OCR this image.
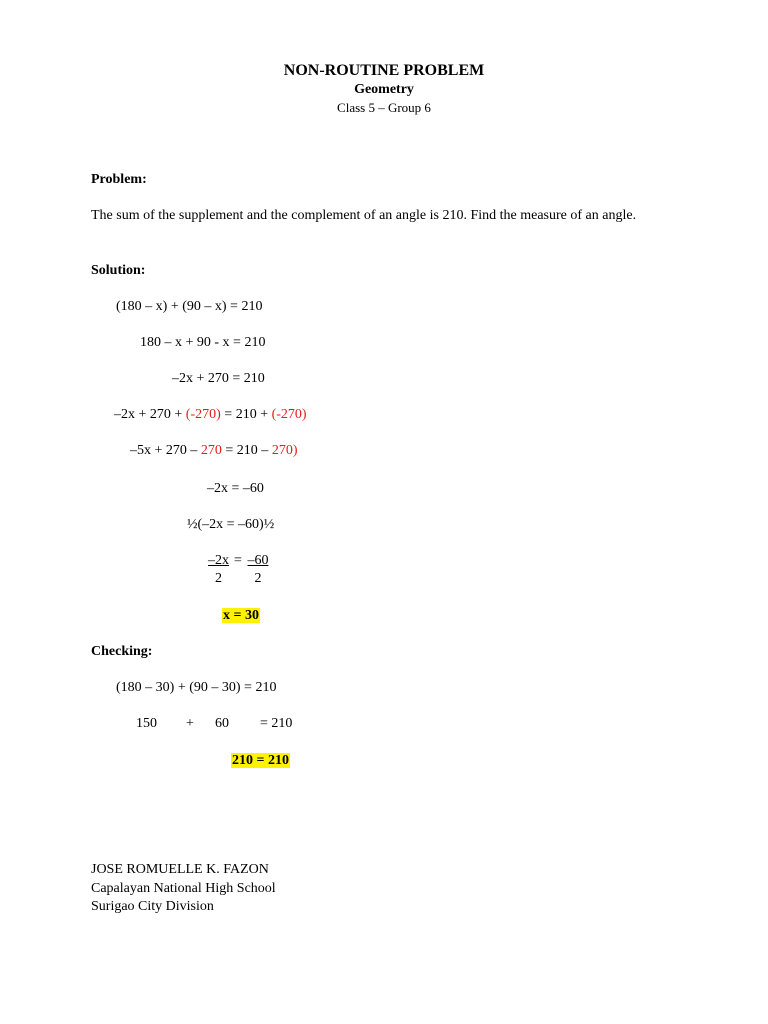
NON-ROUTINE PROBLEM
Geometry
Class 5 – Group 6
Problem:
The sum of the supplement and the complement of an angle is 210. Find the measure of an angle.
Solution:
(180 – x) + (90 – x) = 210
180 – x + 90 - x = 210
–2x + 270 = 210
–2x + 270 + (-270) = 210 + (-270)
–5x + 270 – 270 = 210 – 270)
–2x = –60
½(–2x = –60)½
$\frac{-2x}{2} = \frac{-60}{2}$
x = 30
Checking:
(180 – 30) + (90 – 30) = 210
150 + 60 = 210
210 = 210
JOSE ROMUELLE K. FAZON
Capalayan National High School
Surigao City Division
